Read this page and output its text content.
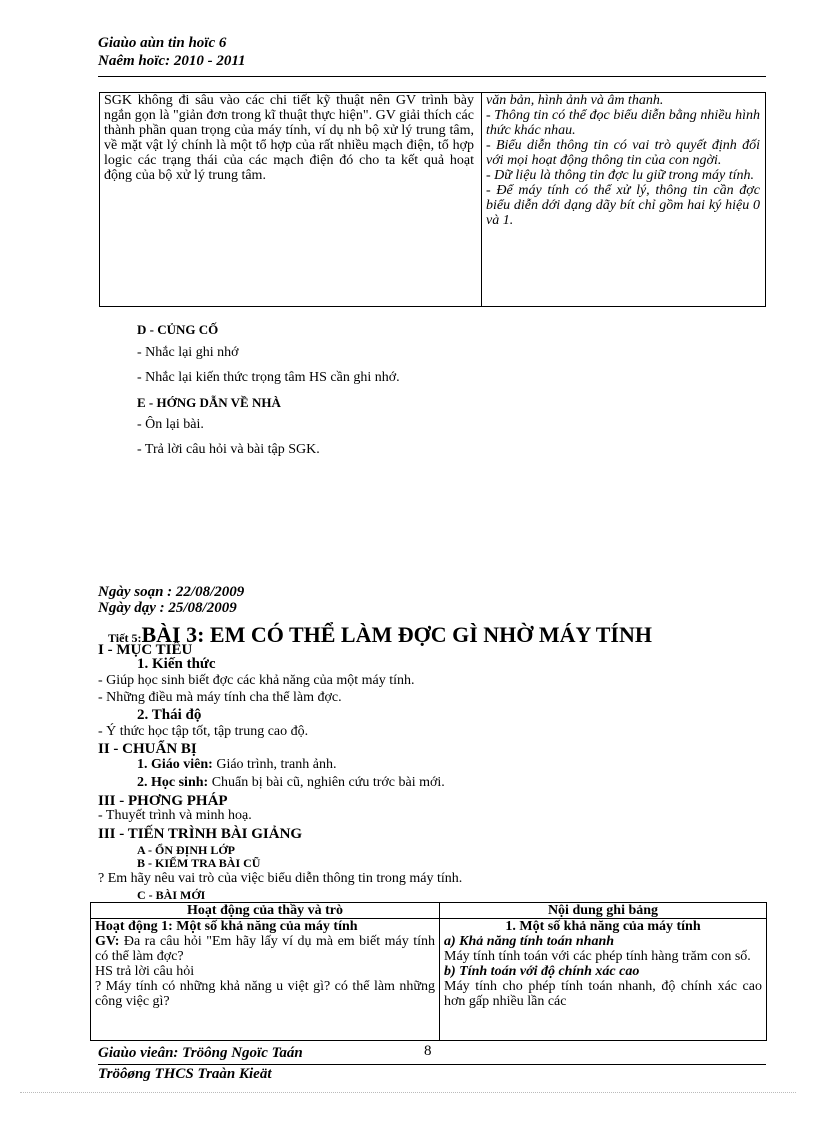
Giaùo aùn tin hoïc 6
Naêm hoïc: 2010 - 2011

SGK không đi sâu vào các chi tiết kỹ thuật nên GV trình bày ngắn gọn là "giản đơn trong kĩ thuật thực hiện". GV giải thích các thành phần quan trọng của máy tính, ví dụ nh bộ xử lý trung tâm, về mặt vật lý chính là một tổ hợp của rất nhiều mạch điện, tổ hợp logic các trạng thái của các mạch điện đó cho ta kết quả hoạt động của bộ xử lý trung tâm.

văn bản, hình ảnh và âm thanh.

- Thông tin có thể đọc biểu diễn bằng nhiều hình thức khác nhau.

- Biểu diễn thông tin có vai trò quyết định đối với mọi hoạt động thông tin của con ngời.

- Dữ liệu là thông tin đợc lu giữ trong máy tính.

- Để máy tính có thể xử lý, thông tin cần đợc biểu diễn dới dạng dãy bít chỉ gồm hai ký hiệu 0 và 1.

D - CỦNG CỐ
- Nhắc lại ghi nhớ
- Nhắc lại kiến thức trọng tâm HS cần ghi nhớ.
E - HỚNG DẪN VỀ NHÀ
- Ôn lại bài.
- Trả lời câu hỏi và bài tập SGK.
Ngày soạn : 22/08/2009
Ngày dạy : 25/08/2009
Tiết 5:BÀI 3: EM CÓ THỂ LÀM ĐỢC GÌ NHỜ MÁY TÍNH
I - MỤC TIÊU
1. Kiến thức
- Giúp học sinh biết đợc các khả năng của một máy tính.
- Những điều mà máy tính cha thể làm đợc.
2. Thái độ
- Ý thức học tập tốt, tập trung cao độ.
II - CHUẨN BỊ
1. Giáo viên: Giáo trình, tranh ảnh.
2. Học sinh: Chuẩn bị bài cũ, nghiên cứu trớc bài mới.
III - PHƠNG PHÁP
- Thuyết trình và minh hoạ.
III - TIẾN TRÌNH BÀI GIẢNG
A - ỔN ĐỊNH LỚP
B - KIỂM TRA BÀI CŨ
? Em hãy nêu vai trò của việc biểu diễn thông tin trong máy tính.
C - BÀI MỚI
Hoạt động của thầy và trò	Nội dung ghi bảng

Hoạt động 1: Một số khả năng của máy tính

GV: Đa ra câu hỏi "Em hãy lấy ví dụ mà em biết máy tính có thể làm đợc?

HS trả lời câu hỏi

? Máy tính có những khả năng u việt gì? có thể làm những công việc gì?

1. Một số khả năng của máy tính

a) Khả năng tính toán nhanh

Máy tính tính toán với các phép tính hàng trăm con số.

b) Tính toán với độ chính xác cao

Máy tính cho phép tính toán nhanh, độ chính xác cao hơn gấp nhiều lần các

Giaùo vieân: Tröông Ngoïc Taán	8
Tröôøng THCS Traàn Kieät
